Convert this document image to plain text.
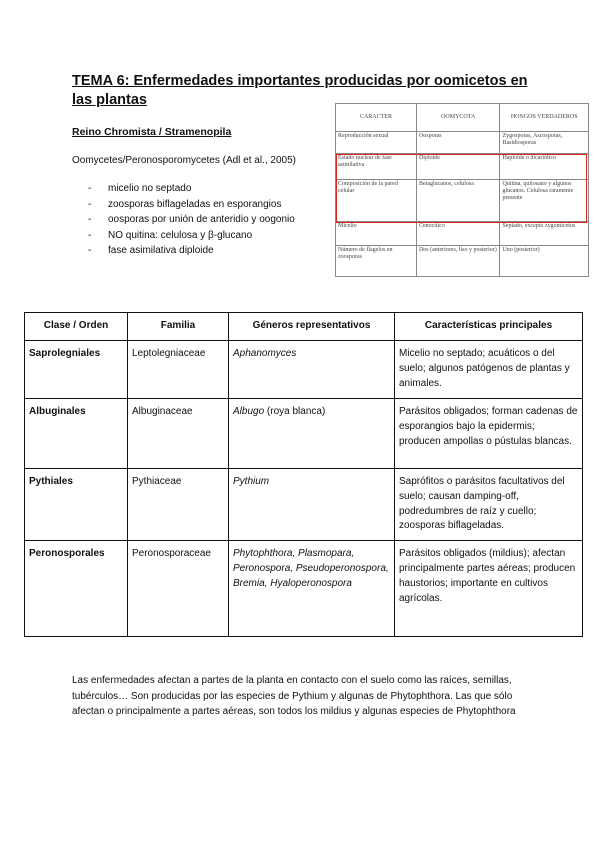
TEMA 6: Enfermedades importantes producidas por oomicetos en las plantas
Reino Chromista / Stramenopila
Oomycetes/Peronosporomycetes (Adl et al., 2005)
- micelio no septado
- zoosporas biflageladas en esporangios
- oosporas por unión de anteridio y oogonio
- NO quitina: celulosa y β-glucano
- fase asimilativa diploide
CARACTER	OOMYCOTA	HONGOS VERDADEROS
Reproducción sexual	Oosporas	Zygosporas, Ascosporas, Basidiosporas
Estado nuclear de fase asimilativa	Diploide	Haploide o dicariótico
Composición de la pared celular	Betaglucanos, celulosa	Quitina, quitosano y algunos glucanos. Celulosa raramente presente
Micelio	Cenocítico	Septado, excepto zygomicetos
Número de flagelos en zoosporas	Dos (anteriores, liso y posterior)	Uno (posterior)
Clase / Orden	Familia	Géneros representativos	Características principales
Saprolegniales	Leptolegniaceae	Aphanomyces	Micelio no septado; acuáticos o del suelo; algunos patógenos de plantas y animales.
Albuginales	Albuginaceae	Albugo (roya blanca)	Parásitos obligados; forman cadenas de esporangios bajo la epidermis; producen ampollas o pústulas blancas.
Pythiales	Pythiaceae	Pythium	Saprófitos o parásitos facultativos del suelo; causan damping-off, podredumbres de raíz y cuello; zoosporas biflageladas.
Peronosporales	Peronosporaceae	Phytophthora, Plasmopara, Peronospora, Pseudoperonospora, Bremia, Hyaloperonospora	Parásitos obligados (mildius); afectan principalmente partes aéreas; producen haustorios; importante en cultivos agrícolas.
Las enfermedades afectan a partes de la planta en contacto con el suelo como las raíces, semillas, tubérculos… Son producidas por las especies de Pythium y algunas de Phytophthora. Las que sólo afectan o principalmente a partes aéreas, son todos los mildius y algunas especies de Phytophthora
